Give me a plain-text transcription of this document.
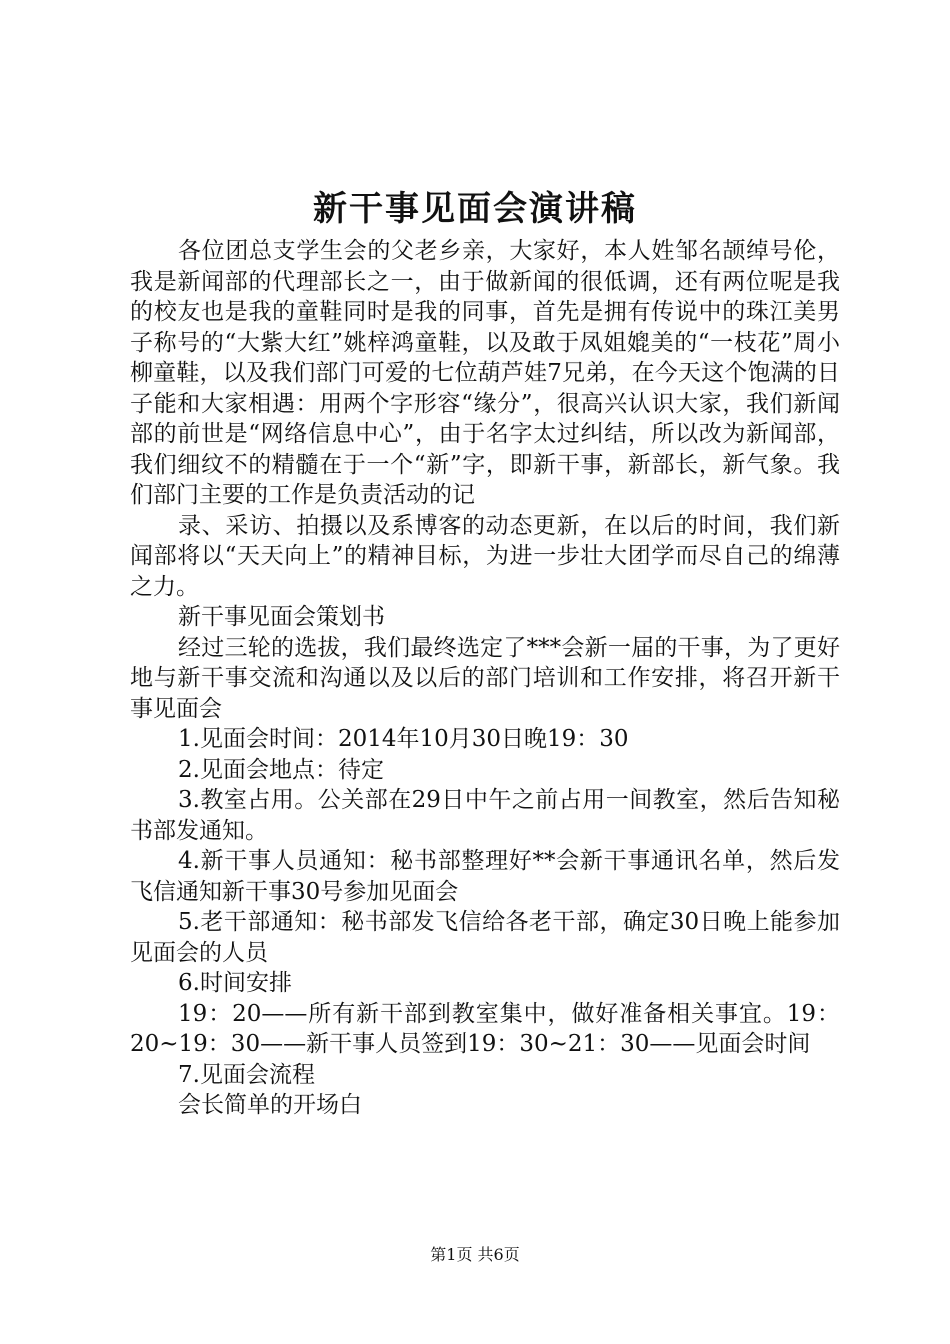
新干事见面会演讲稿

各位团总支学生会的父老乡亲，大家好，本人姓邹名颉绰号伦，我是新闻部的代理部长之一，由于做新闻的很低调，还有两位呢是我的校友也是我的童鞋同时是我的同事，首先是拥有传说中的珠江美男子称号的“大紫大红”姚梓鸿童鞋，以及敢于凤姐媲美的“一枝花”周小柳童鞋，以及我们部门可爱的七位葫芦娃7兄弟，在今天这个饱满的日子能和大家相遇：用两个字形容“缘分”，很高兴认识大家，我们新闻部的前世是“网络信息中心”，由于名字太过纠结，所以改为新闻部，我们细纹不的精髓在于一个“新”字，即新干事，新部长，新气象。我们部门主要的工作是负责活动的记

录、采访、拍摄以及系博客的动态更新，在以后的时间，我们新闻部将以“天天向上”的精神目标，为进一步壮大团学而尽自己的绵薄之力。

新干事见面会策划书

经过三轮的选拔，我们最终选定了***会新一届的干事，为了更好地与新干事交流和沟通以及以后的部门培训和工作安排，将召开新干事见面会

1.见面会时间：2014年10月30日晚19：30

2.见面会地点：待定

3.教室占用。公关部在29日中午之前占用一间教室，然后告知秘书部发通知。

4.新干事人员通知：秘书部整理好**会新干事通讯名单，然后发飞信通知新干事30号参加见面会

5.老干部通知：秘书部发飞信给各老干部，确定30日晚上能参加见面会的人员

6.时间安排

19：20——所有新干部到教室集中，做好准备相关事宜。19：20~19：30——新干事人员签到19：30~21：30——见面会时间

7.见面会流程

会长简单的开场白

第1页 共6页
